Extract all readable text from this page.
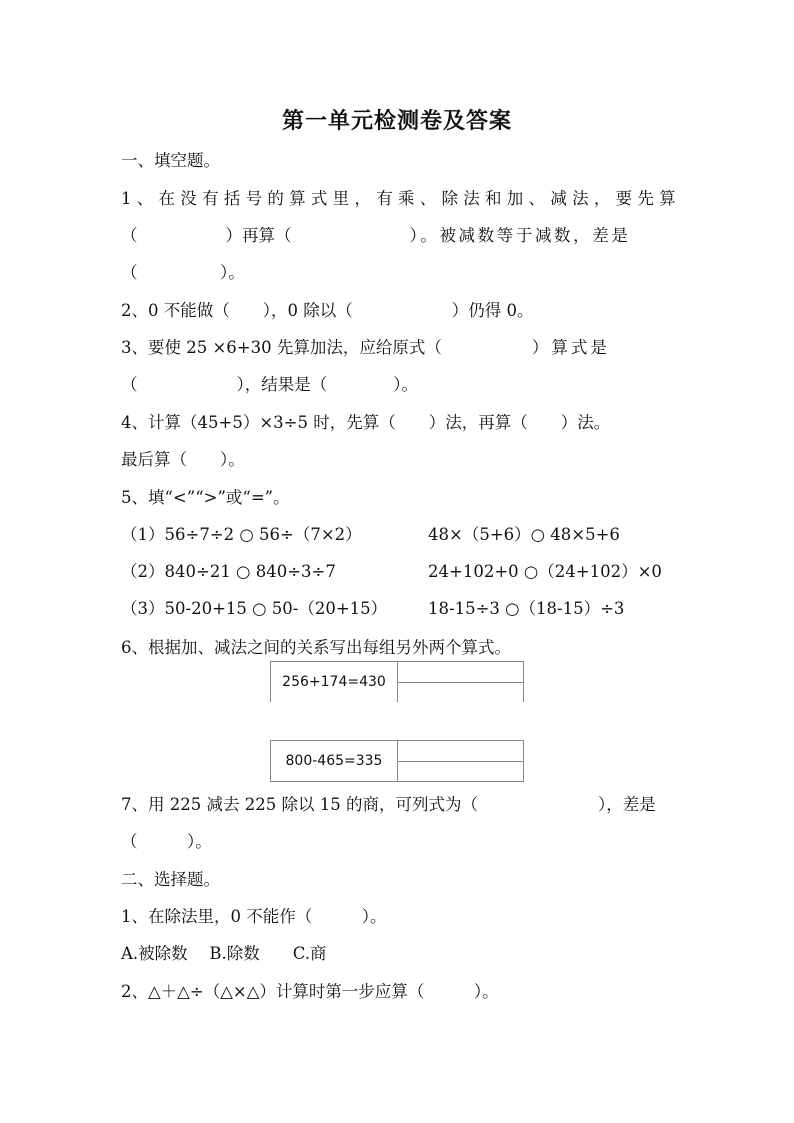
第一单元检测卷及答案
一、填空题。
1 、 在 没 有 括 号 的 算 式 里 ， 有 乘 、 除 法 和 加 、 减 法 ， 要 先 算
（	）再算（	）。被减数等于减数，差是
（　　　　　）。
2、0 不能做（　　），0 除以（　　　　　　）仍得 0。
3、要使 25 ×6+30 先算加法，应给原式（	）算式是
（　　　　　　），结果是（　　　　）。
4、计算（45+5）×3÷5 时，先算（　　）法，再算（　　）法。
最后算（　　）。
5、填“<”“>”或“=”。
（1）56÷7÷2 ○ 56÷（7×2）	48×（5+6）○ 48×5+6
（2）840÷21 ○ 840÷3÷7	24+102+0 ○（24+102）×0
（3）50-20+15 ○ 50-（20+15）	18-15÷3 ○（18-15）÷3
6、根据加、减法之间的关系写出每组另外两个算式。
256+174=430
800-465=335
7、用 225 减去 225 除以 15 的商，可列式为（	），差是
（　　　）。
二、选择题。
1、在除法里，0 不能作（　　　）。
A.被除数　 B.除数　　C.商
2、△＋△÷（△×△）计算时第一步应算（　　　）。
